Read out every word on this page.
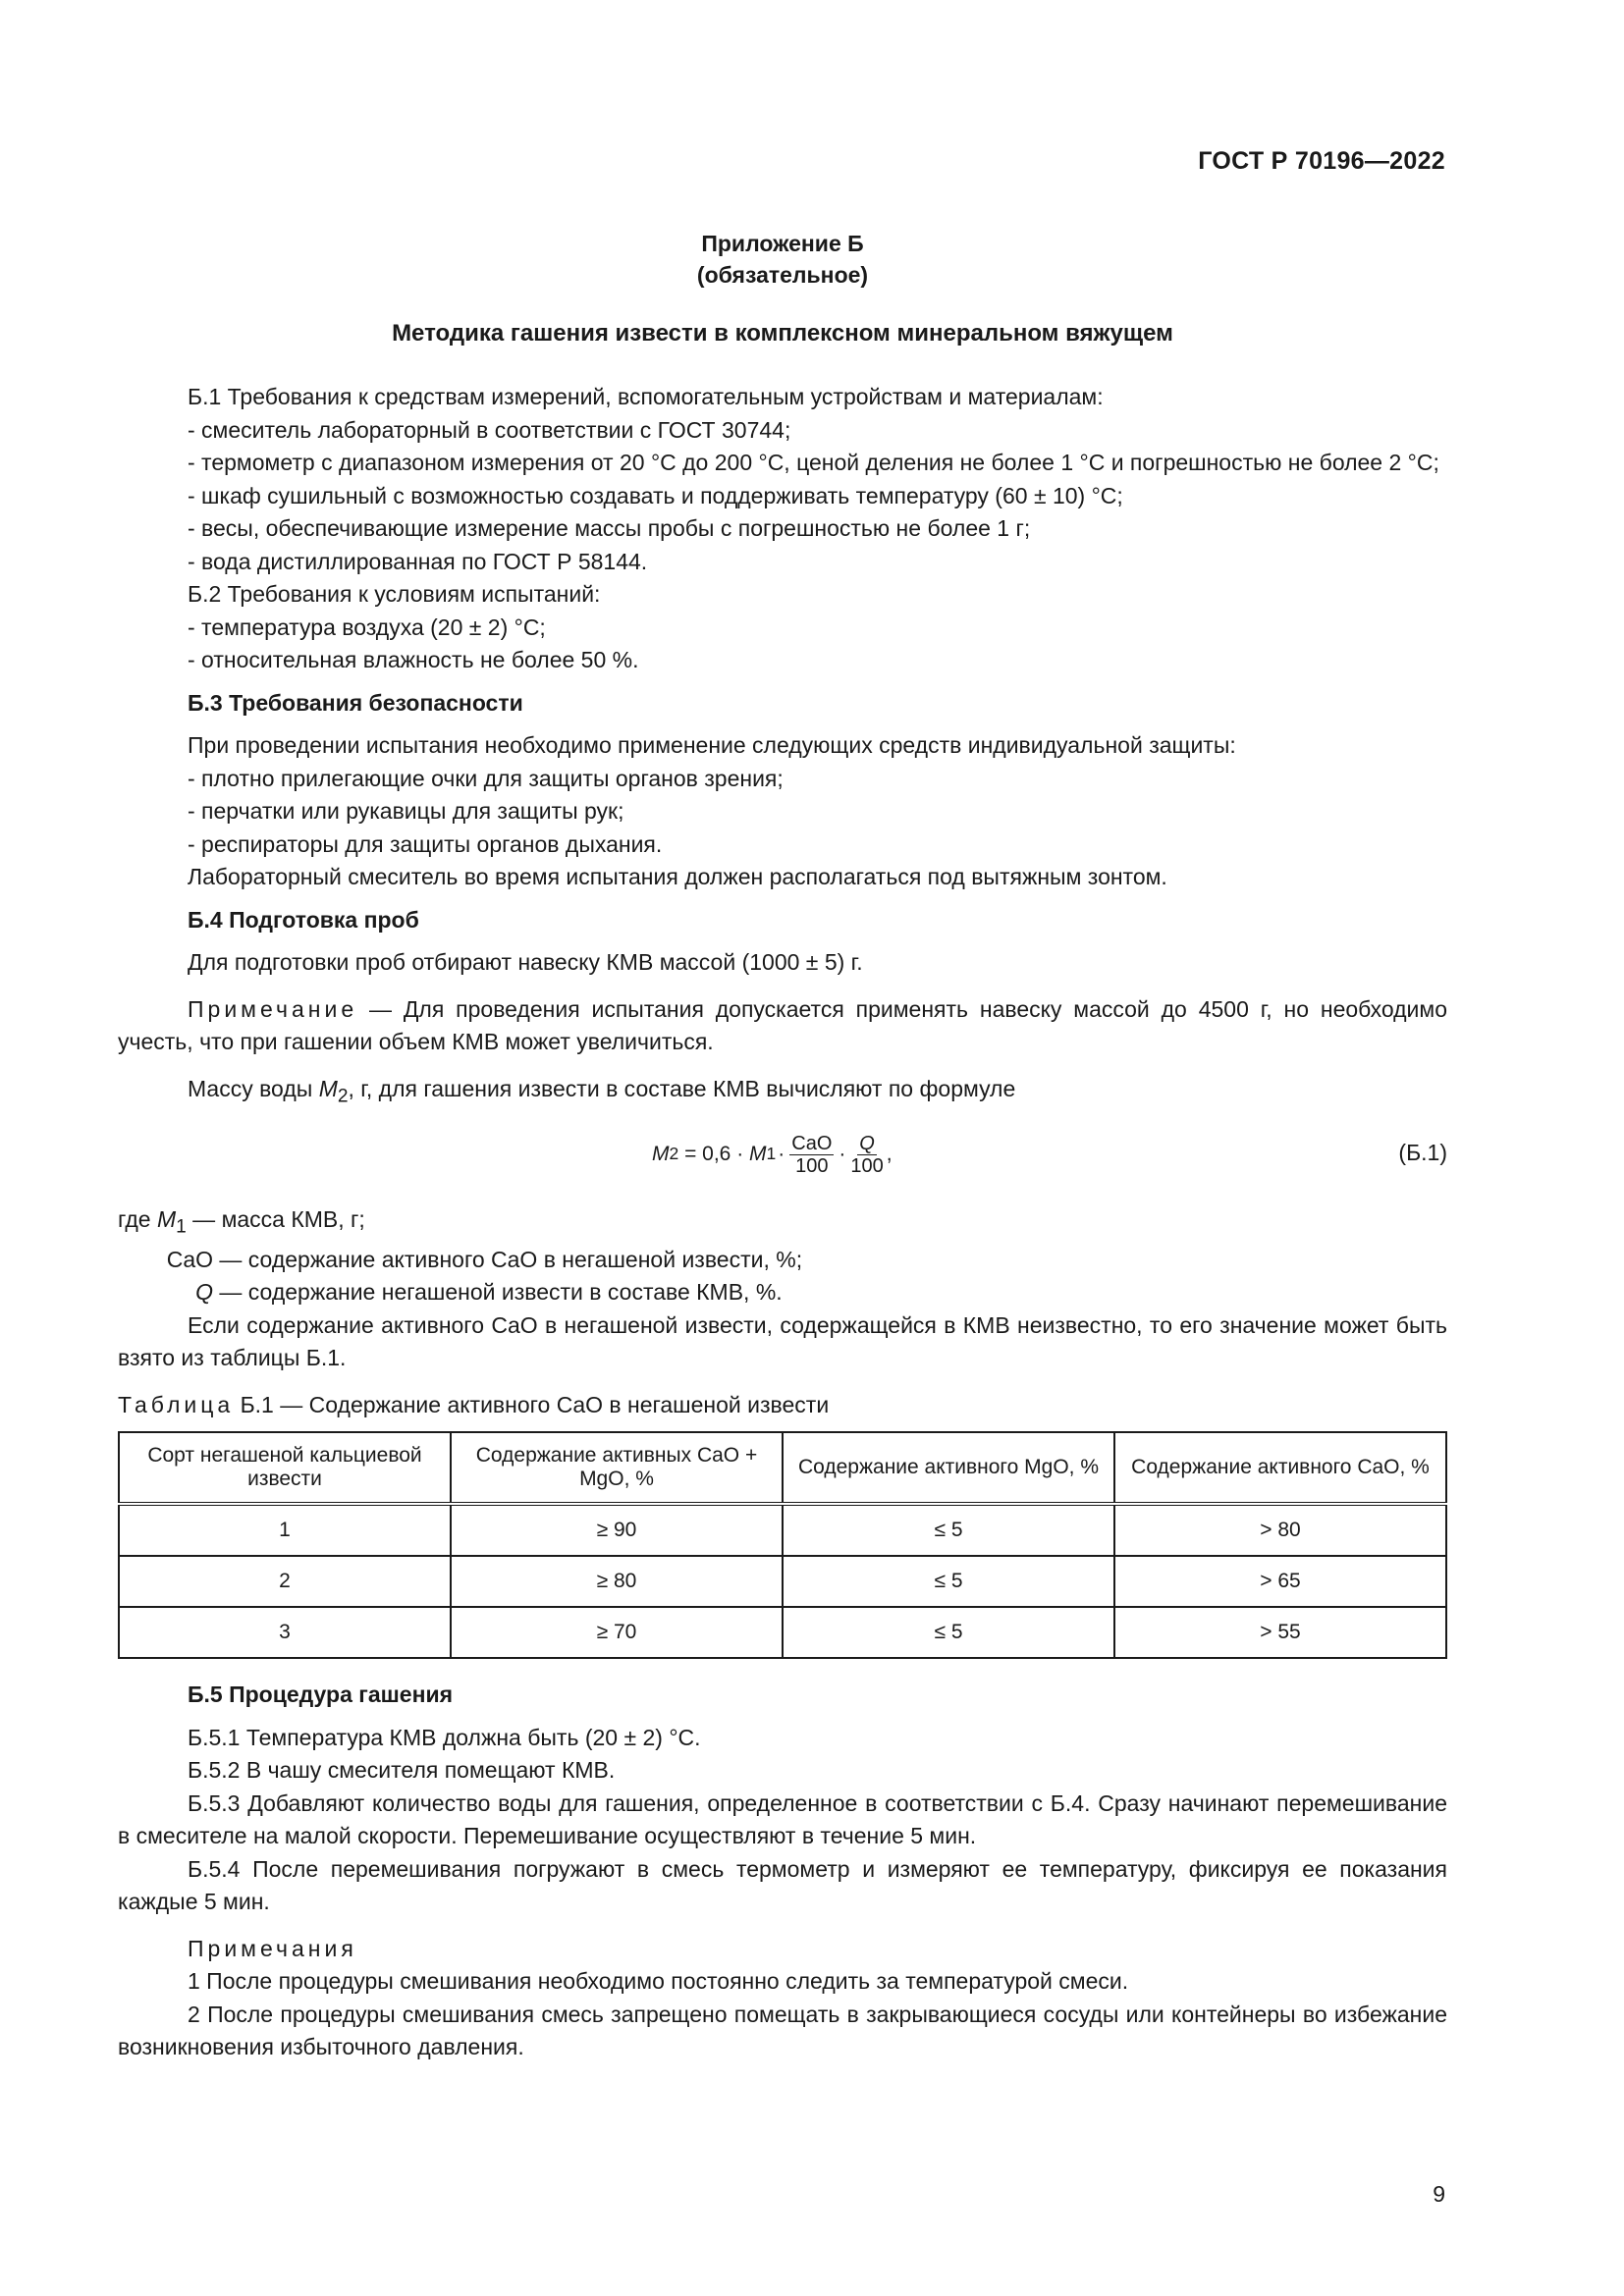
ГОСТ Р 70196—2022
Приложение Б
(обязательное)
Методика гашения извести в комплексном минеральном вяжущем

Б.1 Требования к средствам измерений, вспомогательным устройствам и материалам:

- смеситель лабораторный в соответствии с ГОСТ 30744;

- термометр с диапазоном измерения от 20 °С до 200 °С, ценой деления не более 1 °С и погрешностью не более 2 °С;

- шкаф сушильный с возможностью создавать и поддерживать температуру (60 ± 10) °С;

- весы, обеспечивающие измерение массы пробы с погрешностью не более 1 г;

- вода дистиллированная по ГОСТ Р 58144.

Б.2 Требования к условиям испытаний:

- температура воздуха (20 ± 2) °С;

- относительная влажность не более 50 %.

Б.3 Требования безопасности

При проведении испытания необходимо применение следующих средств индивидуальной защиты:

- плотно прилегающие очки для защиты органов зрения;

- перчатки или рукавицы для защиты рук;

- респираторы для защиты органов дыхания.

Лабораторный смеситель во время испытания должен располагаться под вытяжным зонтом.

Б.4 Подготовка проб

Для подготовки проб отбирают навеску КМВ массой (1000 ± 5) г.

Примечание — Для проведения испытания допускается применять навеску массой до 4500 г, но необходимо учесть, что при гашении объем КМВ может увеличиться.

Массу воды $M_2$, г, для гашения извести в составе КМВ вычисляют по формуле

M 2 = 0,6 · M $1 \cdot \frac{\text{CaO}}{100} \cdot \frac{Q}{100}$ ,	(Б.1)
где $M_1$ — масса КМВ, г;
CaO — содержание активного CaO в негашеной извести, %;
Q — содержание негашеной извести в составе КМВ, %.

Если содержание активного CaO в негашеной извести, содержащейся в КМВ неизвестно, то его значение может быть взято из таблицы Б.1.

Таблица Б.1 — Содержание активного CaO в негашеной извести

Сорт негашеной кальциевой извести	Содержание активных CaO + MgO, %	Содержание активного MgO, %	Содержание активного CaO, %
1	≥ 90	≤ 5	> 80
2	≥ 80	≤ 5	> 65
3	≥ 70	≤ 5	> 55

Б.5 Процедура гашения

Б.5.1 Температура КМВ должна быть (20 ± 2) °С.

Б.5.2 В чашу смесителя помещают КМВ.

Б.5.3 Добавляют количество воды для гашения, определенное в соответствии с Б.4. Сразу начинают перемешивание в смесителе на малой скорости. Перемешивание осуществляют в течение 5 мин.

Б.5.4 После перемешивания погружают в смесь термометр и измеряют ее температуру, фиксируя ее показания каждые 5 мин.

Примечания

1 После процедуры смешивания необходимо постоянно следить за температурой смеси.

2 После процедуры смешивания смесь запрещено помещать в закрывающиеся сосуды или контейнеры во избежание возникновения избыточного давления.

9
